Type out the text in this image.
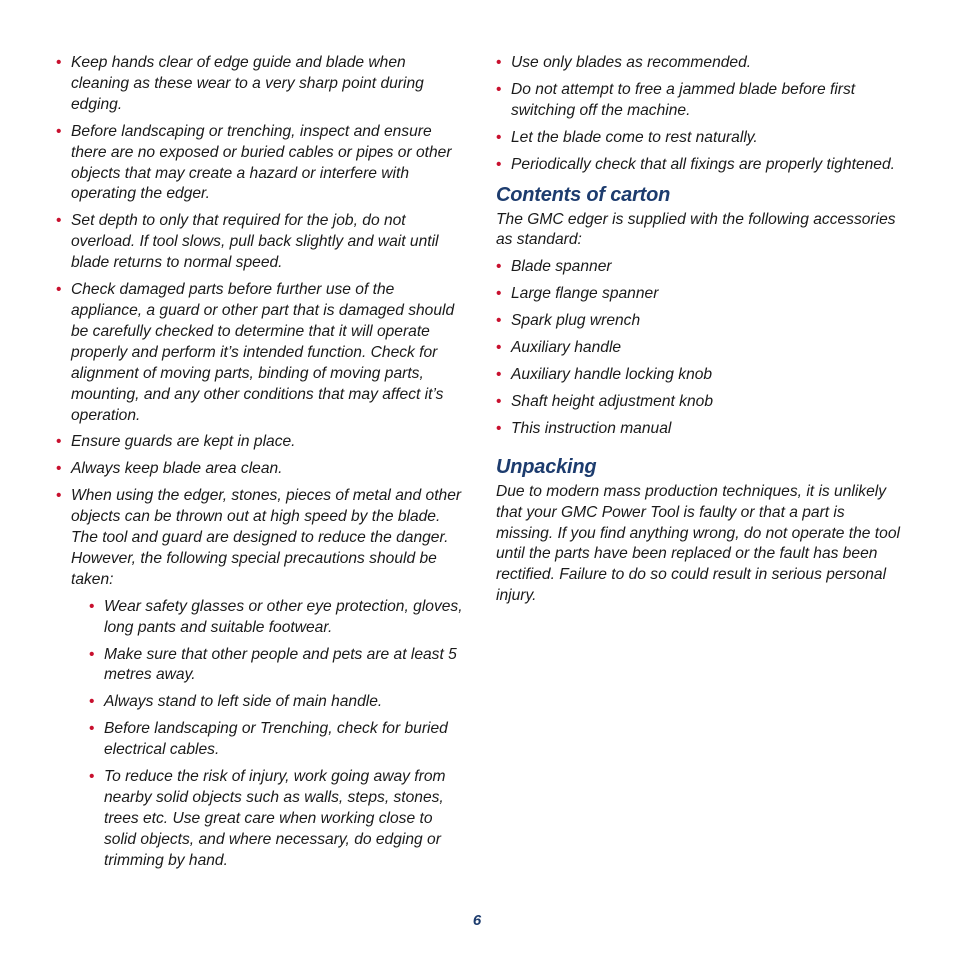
• Keep hands clear of edge guide and blade when cleaning as these wear to a very sharp point during edging.
• Before landscaping or trenching, inspect and ensure there are no exposed or buried cables or pipes or other objects that may create a hazard or interfere with operating the edger.
• Set depth to only that required for the job, do not overload. If tool slows, pull back slightly and wait until blade returns to normal speed.
• Check damaged parts before further use of the appliance, a guard or other part that is damaged should be carefully checked to determine that it will operate properly and perform it’s intended function. Check for alignment of moving parts, binding of moving parts, mounting, and any other conditions that may affect it’s operation.
• Ensure guards are kept in place.
• Always keep blade area clean.
• When using the edger, stones, pieces of metal and other objects can be thrown out at high speed by the blade. The tool and guard are designed to reduce the danger. However, the following special precautions should be taken:
• Wear safety glasses or other eye protection, gloves, long pants and suitable footwear.
• Make sure that other people and pets are at least 5 metres away.
• Always stand to left side of main handle.
• Before landscaping or Trenching, check for buried electrical cables.
• To reduce the risk of injury, work going away from nearby solid objects such as walls, steps, stones, trees etc. Use great care when working close to solid objects, and where necessary, do edging or trimming by hand.
• Use only blades as recommended.
• Do not attempt to free a jammed blade before first switching off the machine.
• Let the blade come to rest naturally.
• Periodically check that all fixings are properly tightened.
Contents of carton

The GMC edger is supplied with the following accessories as standard:

• Blade spanner
• Large flange spanner
• Spark plug wrench
• Auxiliary handle
• Auxiliary handle locking knob
• Shaft height adjustment knob
• This instruction manual
Unpacking

Due to modern mass production techniques, it is unlikely that your GMC Power Tool is faulty or that a part is missing. If you find anything wrong, do not operate the tool until the parts have been replaced or the fault has been rectified. Failure to do so could result in serious personal injury.

6
